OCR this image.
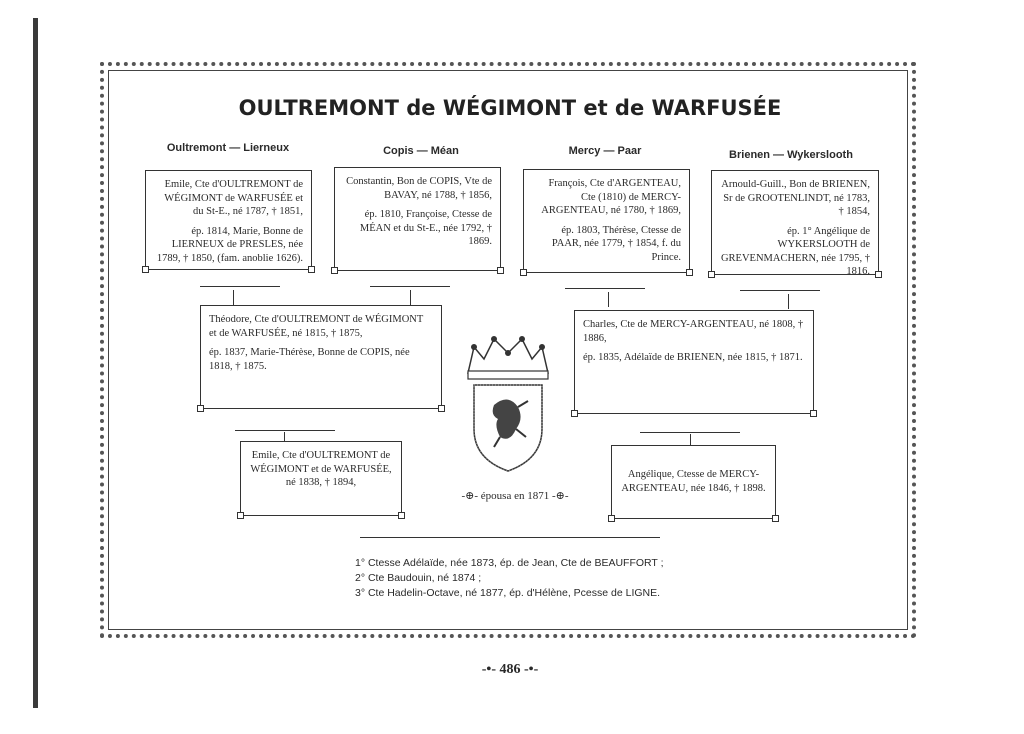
OULTREMONT de WÉGIMONT et de WARFUSÉE
Oultremont — Lierneux	Copis — Méan	Mercy — Paar	Brienen — Wykerslooth

Emile, Cte d'OULTREMONT de WÉGIMONT de WARFUSÉE et du St-E., né 1787, † 1851,

ép. 1814, Marie, Bonne de LIERNEUX de PRESLES, née 1789, † 1850, (fam. anoblie 1626).

Constantin, Bon de COPIS, Vte de BAVAY, né 1788, † 1856,

ép. 1810, Françoise, Ctesse de MÉAN et du St-E., née 1792, † 1869.

François, Cte d'ARGENTEAU, Cte (1810) de MERCY-ARGENTEAU, né 1780, † 1869,

ép. 1803, Thérèse, Ctesse de PAAR, née 1779, † 1854, f. du Prince.

Arnould-Guill., Bon de BRIENEN, Sr de GROOTENLINDT, né 1783, † 1854,

ép. 1° Angélique de WYKERSLOOTH de GREVENMACHERN, née 1795, † 1816.

Théodore, Cte d'OULTREMONT de WÉGIMONT et de WARFUSÉE, né 1815, † 1875,

ép. 1837, Marie-Thérèse, Bonne de COPIS, née 1818, † 1875.

Charles, Cte de MERCY-ARGENTEAU, né 1808, † 1886,

ép. 1835, Adélaïde de BRIENEN, née 1815, † 1871.

Emile, Cte d'OULTREMONT de WÉGIMONT et de WARFUSÉE, né 1838, † 1894,

Angélique, Ctesse de MERCY-ARGENTEAU, née 1846, † 1898.

-⊕- épousa en 1871 -⊕-
1° Ctesse Adélaïde, née 1873, ép. de Jean, Cte de BEAUFFORT ;
2° Cte Baudouin, né 1874 ;
3° Cte Hadelin-Octave, né 1877, ép. d'Hélène, Pcesse de LIGNE.
-•- 486 -•-
